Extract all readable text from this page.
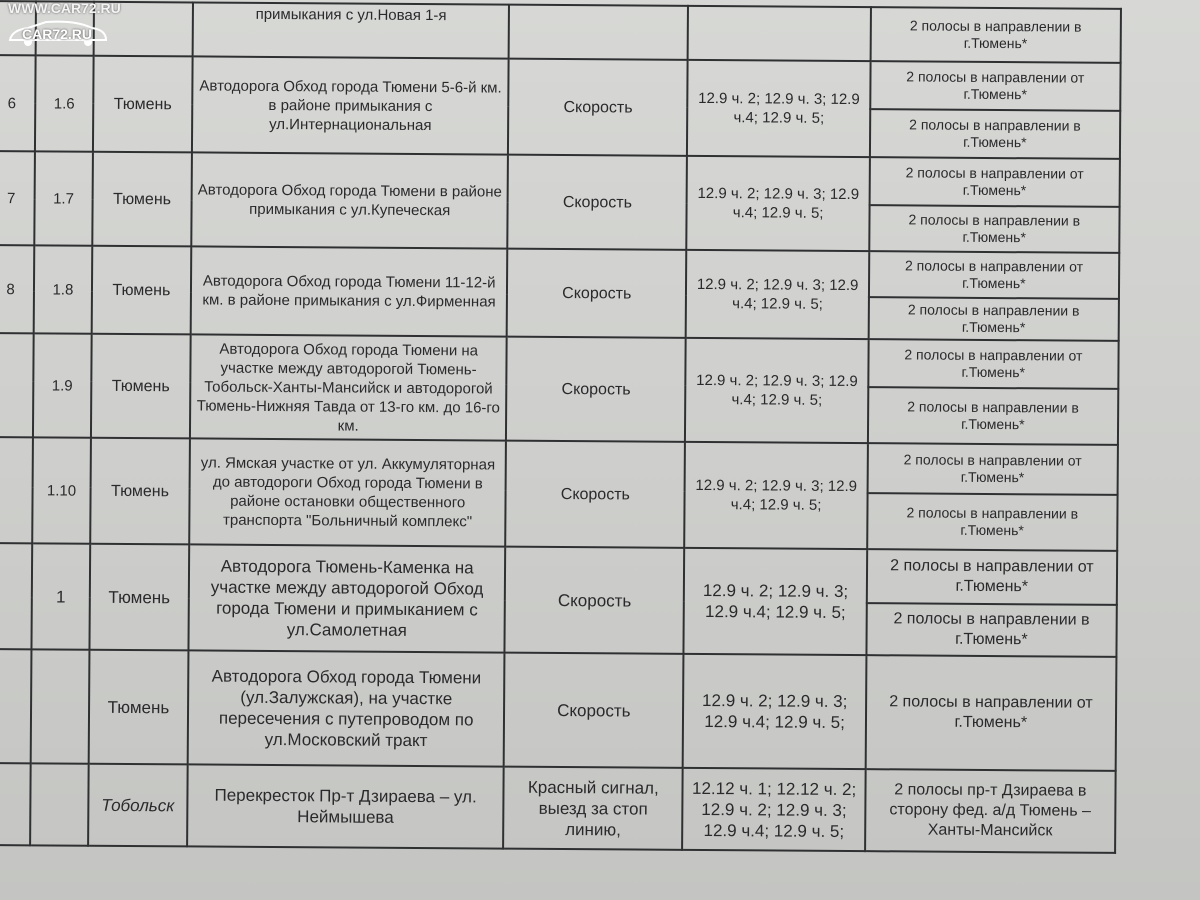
			примыкания с ул.Новая 1-я			2 полосы в направлении в г.Тюмень*	
6	1.6	Тюмень	Автодорога Обход города Тюмени 5-6-й км. в районе примыкания с ул.Интернациональная	Скорость	12.9 ч. 2; 12.9 ч. 3; 12.9 ч.4; 12.9 ч. 5;	2 полосы в направлении от г.Тюмень*	
						2 полосы в направлении в г.Тюмень*	
7	1.7	Тюмень	Автодорога Обход города Тюмени в районе примыкания с ул.Купеческая	Скорость	12.9 ч. 2; 12.9 ч. 3; 12.9 ч.4; 12.9 ч. 5;	2 полосы в направлении от г.Тюмень*	
						2 полосы в направлении в г.Тюмень*	
8	1.8	Тюмень	Автодорога Обход города Тюмени 11-12-й км. в районе примыкания с ул.Фирменная	Скорость	12.9 ч. 2; 12.9 ч. 3; 12.9 ч.4; 12.9 ч. 5;	2 полосы в направлении от г.Тюмень*	
						2 полосы в направлении в г.Тюмень*	
	1.9	Тюмень	Автодорога Обход города Тюмени на участке между автодорогой Тюмень-Тобольск-Ханты-Мансийск и автодорогой Тюмень-Нижняя Тавда от 13-го км. до 16-го км.	Скорость	12.9 ч. 2; 12.9 ч. 3; 12.9 ч.4; 12.9 ч. 5;	2 полосы в направлении от г.Тюмень*	
						2 полосы в направлении в г.Тюмень*	
	1.10	Тюмень	ул. Ямская участке от ул. Аккумуляторная до автодороги Обход города Тюмени в районе остановки общественного транспорта "Больничный комплекс"	Скорость	12.9 ч. 2; 12.9 ч. 3; 12.9 ч.4; 12.9 ч. 5;	2 полосы в направлении от г.Тюмень*	
						2 полосы в направлении в г.Тюмень*	
	1	Тюмень	Автодорога Тюмень-Каменка на участке между автодорогой Обход города Тюмени и примыканием с ул.Самолетная	Скорость	12.9 ч. 2; 12.9 ч. 3; 12.9 ч.4; 12.9 ч. 5;	2 полосы в направлении от г.Тюмень*	
						2 полосы в направлении в г.Тюмень*	
		Тюмень	Автодорога Обход города Тюмени (ул.Залужская), на участке пересечения с путепроводом по ул.Московский тракт	Скорость	12.9 ч. 2; 12.9 ч. 3; 12.9 ч.4; 12.9 ч. 5;	2 полосы в направлении от г.Тюмень*	
		Тобольск	Перекресток Пр-т Дзираева – ул. Неймышева	Красный сигнал, выезд за стоп линию,	12.12 ч. 1; 12.12 ч. 2; 12.9 ч. 2; 12.9 ч. 3; 12.9 ч.4; 12.9 ч. 5;	2 полосы пр-т Дзираева в сторону фед. а/д Тюмень – Ханты-Мансийск	
WWW.CAR72.RU
CAR72.RU
